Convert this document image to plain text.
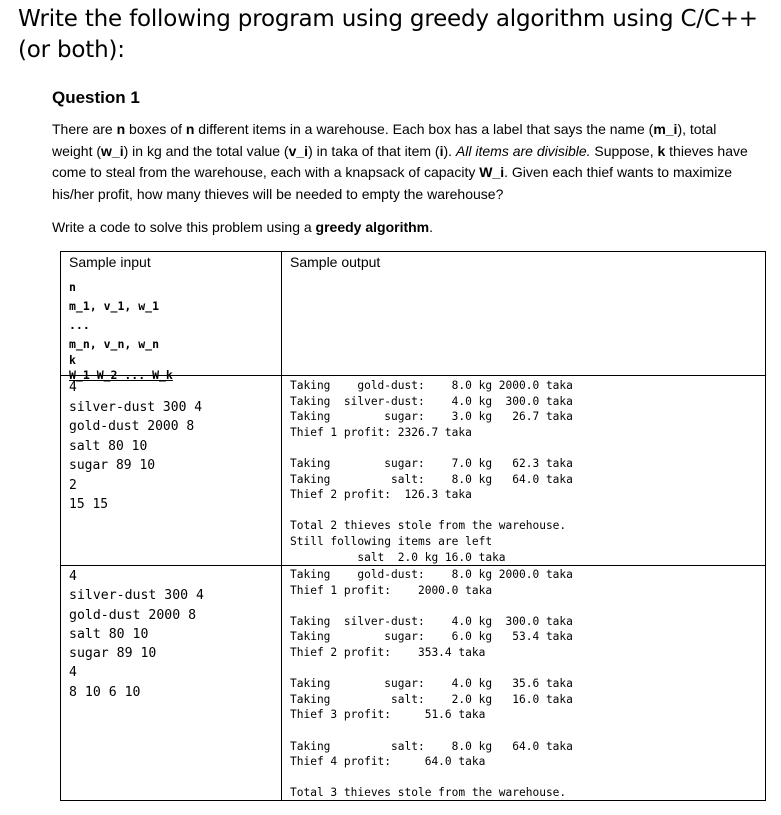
Write the following program using greedy algorithm using C/C++ (or both):
Question 1
There are n boxes of n different items in a warehouse. Each box has a label that says the name (m_i), total weight (w_i) in kg and the total value (v_i) in taka of that item (i). All items are divisible. Suppose, k thieves have come to steal from the warehouse, each with a knapsack of capacity W_i. Given each thief wants to maximize his/her profit, how many thieves will be needed to empty the warehouse?
Write a code to solve this problem using a greedy algorithm.
Sample input	Sample output
n
m_1, v_1, w_1
...
m_n, v_n, w_n
k
W_1 W_2 ... W_k
4
silver-dust 300 4
gold-dust 2000 8
salt 80 10
sugar 89 10
2
15 15
Taking    gold-dust:    8.0 kg 2000.0 taka
Taking  silver-dust:    4.0 kg  300.0 taka
Taking        sugar:    3.0 kg   26.7 taka
Thief 1 profit: 2326.7 taka

Taking        sugar:    7.0 kg   62.3 taka
Taking         salt:    8.0 kg   64.0 taka
Thief 2 profit:  126.3 taka

Total 2 thieves stole from the warehouse.
Still following items are left
salt  2.0 kg 16.0 taka
4
silver-dust 300 4
gold-dust 2000 8
salt 80 10
sugar 89 10
4
8 10 6 10
Taking    gold-dust:    8.0 kg 2000.0 taka
Thief 1 profit:    2000.0 taka

Taking  silver-dust:    4.0 kg  300.0 taka
Taking        sugar:    6.0 kg   53.4 taka
Thief 2 profit:    353.4 taka

Taking        sugar:    4.0 kg   35.6 taka
Taking         salt:    2.0 kg   16.0 taka
Thief 3 profit:     51.6 taka

Taking         salt:    8.0 kg   64.0 taka
Thief 4 profit:     64.0 taka

Total 3 thieves stole from the warehouse.
